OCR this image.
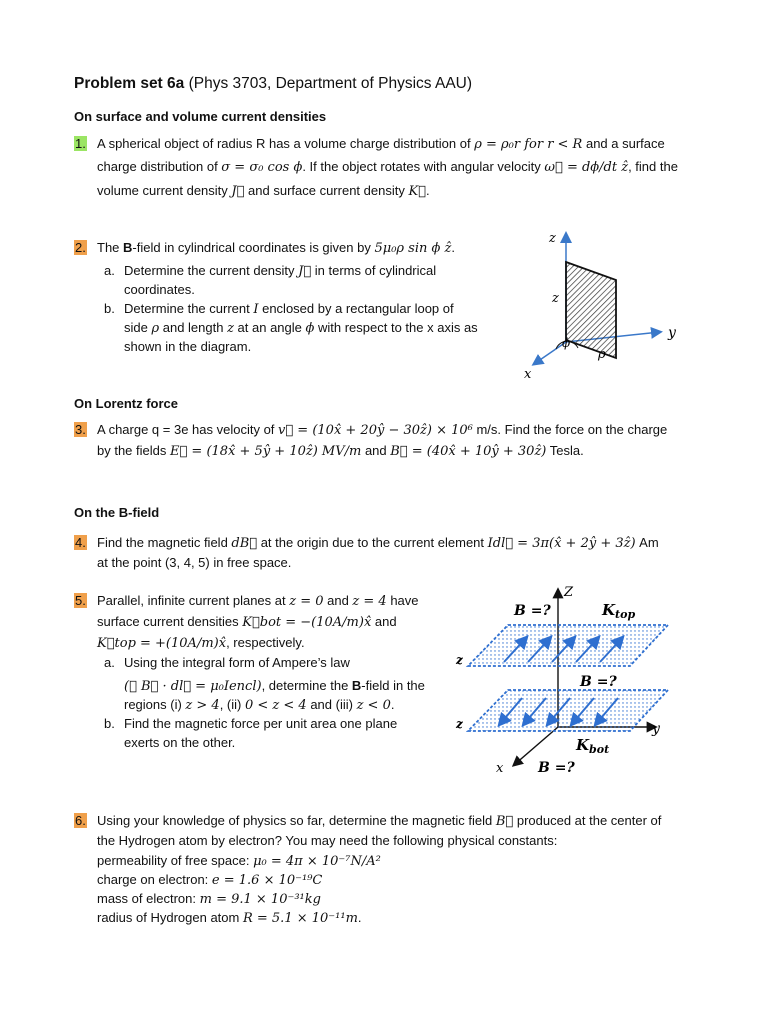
Problem set 6a (Phys 3703, Department of Physics AAU)
On surface and volume current densities
1. A spherical object of radius R has a volume charge distribution of ρ = ρ₀r for r < R and a surface
charge distribution of σ = σ₀ cos ϕ. If the object rotates with angular velocity ω⃗ = dϕ/dt ẑ, find the
volume current density J⃗ and surface current density K⃗.
2. The B-field in cylindrical coordinates is given by 5μ₀ρ sin ϕ ẑ.
a. Determine the current density J⃗ in terms of cylindrical
coordinates.
b. Determine the current I enclosed by a rectangular loop of
side ρ and length z at an angle ϕ with respect to the x axis as
shown in the diagram.
z
y
x
z
ρ
ϕ
On Lorentz force
3. A charge q = 3e has velocity of v⃗ = (10x̂ + 20ŷ − 30ẑ) × 10⁶ m/s. Find the force on the charge
by the fields E⃗ = (18x̂ + 5ŷ + 10ẑ) MV/m and B⃗ = (40x̂ + 10ŷ + 30ẑ) Tesla.
On the B-field
4. Find the magnetic field dB⃗ at the origin due to the current element Idl⃗ = 3π(x̂ + 2ŷ + 3ẑ) Am
at the point (3, 4, 5) in free space.
5. Parallel, infinite current planes at z = 0 and z = 4 have
surface current densities K⃗bot = −(10A/m)x̂ and
K⃗top = +(10A/m)x̂, respectively.
a. Using the integral form of Ampere’s law
(∮ B⃗ · dl⃗ = μ₀Iencl), determine the B-field in the
regions (i) z > 4, (ii) 0 < z < 4 and (iii) z < 0.
b. Find the magnetic force per unit area one plane
exerts on the other.
Z
y
x
B =?	$K_{top}$
B =?
z
z
$K_{bot}$
B =?
6. Using your knowledge of physics so far, determine the magnetic field B⃗ produced at the center of
the Hydrogen atom by electron? You may need the following physical constants:
permeability of free space: μ₀ = 4π × 10⁻⁷N/A²
charge on electron: e = 1.6 × 10⁻¹⁹C
mass of electron: m = 9.1 × 10⁻³¹kg
radius of Hydrogen atom R = 5.1 × 10⁻¹¹m.
